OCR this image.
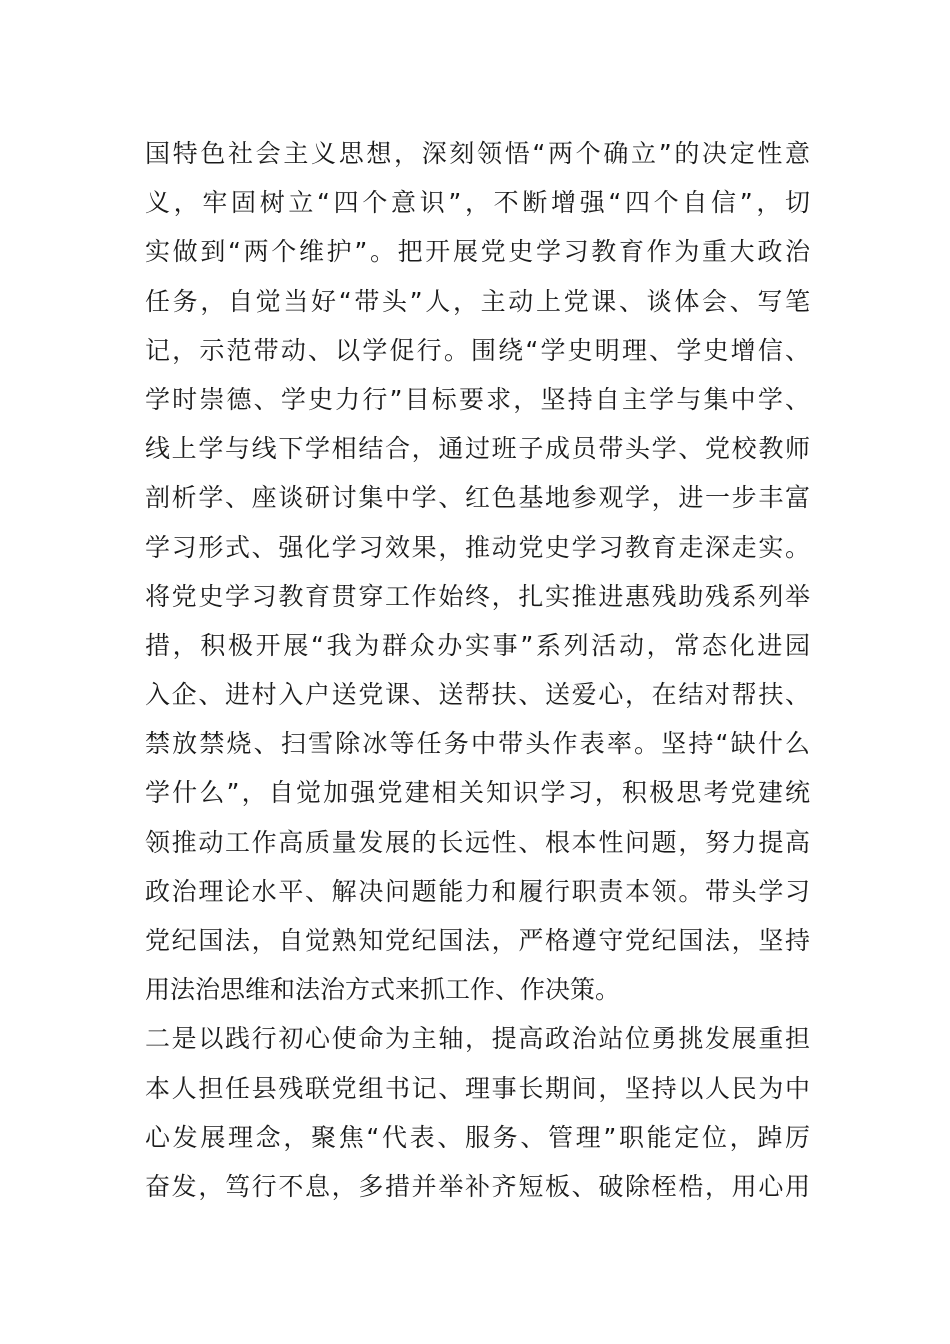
国特色社会主义思想，深刻领悟“两个确立”的决定性意
义，牢固树立“四个意识”，不断增强“四个自信”，切
实做到“两个维护”。把开展党史学习教育作为重大政治
任务，自觉当好“带头”人，主动上党课、谈体会、写笔
记，示范带动、以学促行。围绕“学史明理、学史增信、
学时崇德、学史力行”目标要求，坚持自主学与集中学、
线上学与线下学相结合，通过班子成员带头学、党校教师
剖析学、座谈研讨集中学、红色基地参观学，进一步丰富
学习形式、强化学习效果，推动党史学习教育走深走实。
将党史学习教育贯穿工作始终，扎实推进惠残助残系列举
措，积极开展“我为群众办实事”系列活动，常态化进园
入企、进村入户送党课、送帮扶、送爱心，在结对帮扶、
禁放禁烧、扫雪除冰等任务中带头作表率。坚持“缺什么
学什么”，自觉加强党建相关知识学习，积极思考党建统
领推动工作高质量发展的长远性、根本性问题，努力提高
政治理论水平、解决问题能力和履行职责本领。带头学习
党纪国法，自觉熟知党纪国法，严格遵守党纪国法，坚持
用法治思维和法治方式来抓工作、作决策。
二是以践行初心使命为主轴，提高政治站位勇挑发展重担
本人担任县残联党组书记、理事长期间，坚持以人民为中
心发展理念，聚焦“代表、服务、管理”职能定位，踔厉
奋发，笃行不息，多措并举补齐短板、破除桎梏，用心用
